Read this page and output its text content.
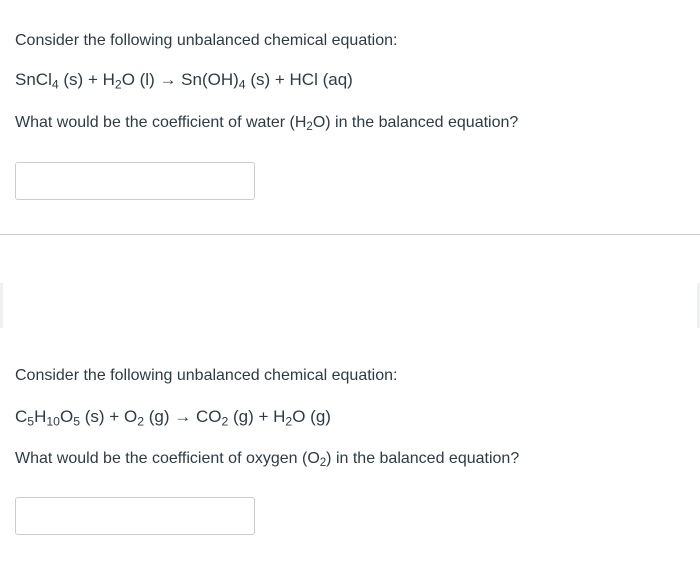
Consider the following unbalanced chemical equation:
SnCl$_4$ $(s) + H_2O$ $(l) \to Sn(OH)_4$ (s) + HCl (aq)
What would be the coefficient of water $(H_2O)$ in the balanced equation?
Consider the following unbalanced chemical equation:
$C_5H_{10}O_5$ $(s) + O_2$ $(g) \to CO_2$ $(g) + H_2O$ (g)
What would be the coefficient of oxygen $(O_2)$ in the balanced equation?
